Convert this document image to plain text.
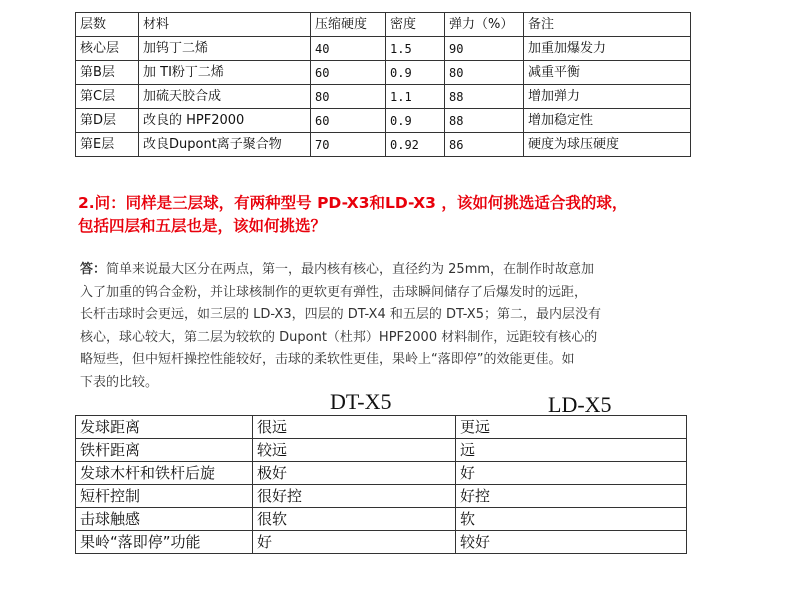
层数	材料	压缩硬度	密度	弹力（%）	备注
核心层	加钨丁二烯	40	1.5	90	加重加爆发力
第B层	加 TI粉丁二烯	60	0.9	80	减重平衡
第C层	加硫天胶合成	80	1.1	88	增加弹力
第D层	改良的 HPF2000	60	0.9	88	增加稳定性
第E层	改良Dupont离子聚合物	70	0.92	86	硬度为球压硬度
2.问：同样是三层球，有两种型号 PD-X3和LD-X3 ，该如何挑选适合我的球，
包括四层和五层也是，该如何挑选？
答：简单来说最大区分在两点，第一，最内核有核心，直径约为 25mm，在制作时故意加
入了加重的钨合金粉，并让球核制作的更软更有弹性，击球瞬间储存了后爆发时的远距，
长杆击球时会更远，如三层的 LD-X3，四层的 DT-X4 和五层的 DT-X5；第二，最内层没有
核心，球心较大，第二层为较软的 Dupont（杜邦）HPF2000 材料制作，远距较有核心的
略短些，但中短杆操控性能较好，击球的柔软性更佳，果岭上“落即停”的效能更佳。如
下表的比较。
DT-X5	LD-X5
发球距离	很远	更远
铁杆距离	较远	远
发球木杆和铁杆后旋	极好	好
短杆控制	很好控	好控
击球触感	很软	软
果岭“落即停”功能	好	较好
